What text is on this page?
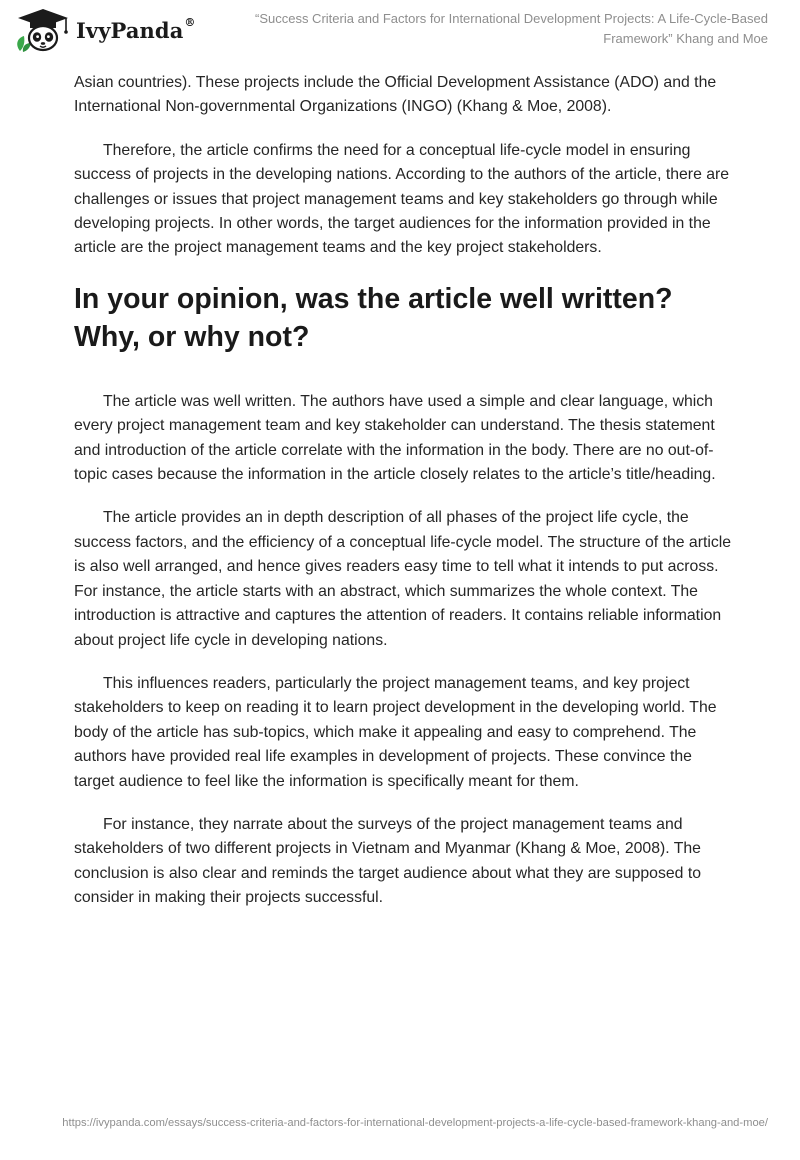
IvyPanda®	“Success Criteria and Factors for International Development Projects: A Life-Cycle-Based Framework” Khang and Moe

Asian countries). These projects include the Official Development Assistance (ADO) and the International Non-governmental Organizations (INGO) (Khang & Moe, 2008).

Therefore, the article confirms the need for a conceptual life-cycle model in ensuring success of projects in the developing nations. According to the authors of the article, there are challenges or issues that project management teams and key stakeholders go through while developing projects. In other words, the target audiences for the information provided in the article are the project management teams and the key project stakeholders.

In your opinion, was the article well written? Why, or why not?

The article was well written. The authors have used a simple and clear language, which every project management team and key stakeholder can understand. The thesis statement and introduction of the article correlate with the information in the body. There are no out-of-topic cases because the information in the article closely relates to the article’s title/heading.

The article provides an in depth description of all phases of the project life cycle, the success factors, and the efficiency of a conceptual life-cycle model. The structure of the article is also well arranged, and hence gives readers easy time to tell what it intends to put across. For instance, the article starts with an abstract, which summarizes the whole context. The introduction is attractive and captures the attention of readers. It contains reliable information about project life cycle in developing nations.

This influences readers, particularly the project management teams, and key project stakeholders to keep on reading it to learn project development in the developing world. The body of the article has sub-topics, which make it appealing and easy to comprehend. The authors have provided real life examples in development of projects. These convince the target audience to feel like the information is specifically meant for them.

For instance, they narrate about the surveys of the project management teams and stakeholders of two different projects in Vietnam and Myanmar (Khang & Moe, 2008). The conclusion is also clear and reminds the target audience about what they are supposed to consider in making their projects successful.

https://ivypanda.com/essays/success-criteria-and-factors-for-international-development-projects-a-life-cycle-based-framework-khang-and-moe/
